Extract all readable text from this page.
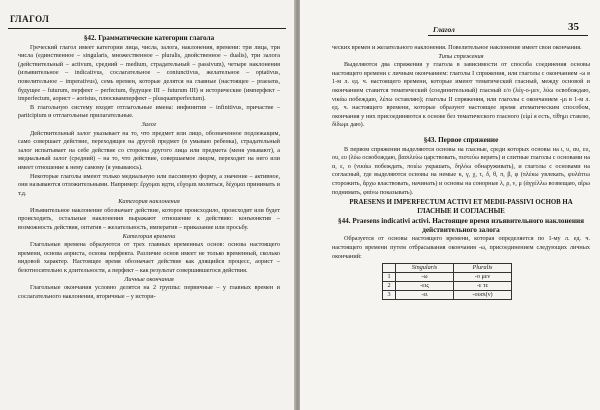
ГЛАГОЛ
§42. Грамматические категории глагола

Греческий глагол имеет категории лица, числа, залога, наклонения, времени: три лица, три числа (единственное – singularis, множественное – pluralis, двойственное – dualis), три залога (действительный – activum, средний – medium, страдательный – passivum), четыре наклонения (изъявительное – indicativus, сослагательное – coniunctivus, желательное – optativus, повелительное – imperativus), семь времен, которые делятся на главные (настоящее – praesens, будущее – futurum, перфект – perfectum, будущее III – futurum III) и исторические (имперфект – imperfectum, аорист – aoristus, плюсквамперфект – plusquamperfectum).

В глагольную систему входят отглагольные имена: инфинитив – infinitivus, причастие – participium и отглагольные прилагательные.

Залог

Действительный залог указывает на то, что предмет или лицо, обозначенное подлежащим, само совершает действие, переходящее на другой предмет (в умываю ребенка), страдательный залог испытывает на себе действие со стороны другого лица или предмета (меня умывают), а медиальный залог (средний) – на то, что действие, совершаемое лицом, переходит на него или имеет отношение к нему самому (я умываюсь).

Некоторые глаголы имеют только медиальную или пассивную форму, а значение – активное, они называются отложительными. Например: ἔρχομαι идти, εὔχομαι молиться, δέχομαι принимать и т.д.

Категория наклонения

Изъявительное наклонение обозначает действие, которое происходило, происходит или будет происходить, остальные наклонения выражают отношение к действию: конъюнктив – возможность действия, оптатив – желательность, императив – приказание или просьбу.

Категория времени

Глагольные времена образуются от трех главных временных основ: основа настоящего времени, основа аориста, основа перфекта. Различие основ имеет не только временный, сколько видовой характер. Настоящее время обозначает действие как длящийся процесс, аорист – безотносительно к длительности, а перфект – как результат совершившегося действия.

Личные окончания

Глагольные окончания условно делятся на 2 группы: первичные – у главных времен и сослагательного наклонения, вторичные – у истори-

Глагол	35

ческих времен и желательного наклонения. Повелительное наклонение имеет свои окончания.

Типы спряжения

Выделяются два спряжения у глагола в зависимости от способа соединения основы настоящего времени с личным окончанием: глаголы I спряжения, или глаголы с окончанием -ω в 1-м л. ед. ч. настоящего времени, которые имеют тематический гласный, между основой и окончанием ставится тематический (соединительный) гласный ε/ο (λέγ-ο-μεν, λύω освобождаю, νικάω побеждаю, λέπω оставляю); глаголы II спряжения, или глаголы с окончанием -μι в 1-м л. ед. ч. настоящего времени, которые образуют настоящее время атематическим способом, окончания у них присоединяются к основе без тематического гласного (εἰμί я есть, τίθημι ставлю, δίδωμι даю).

§43. Первое спряжение

В первом спряжении выделяются основы на гласные, среди которых основы на ι, υ, αυ, ευ, ου, ευ (λύω освобождаю, βασιλεύω царствовать, πιστεύω верить) и слитные глаголы с основами на α, ε, ο (νικάω побеждать, ποιέω украшать, δηλόω обнаруживать), и глаголы с основами на согласный, где выделяются основы на немые κ, γ, χ, τ, δ, θ, π, β, φ (πλέκω увлекать, φυλάττω сторожить, ἄρχω властвовать, начинать) и основы на сонорные λ, ρ, ν, μ (ἀγγέλλω возвещаю, αἴρω поднимать, φαίνω показывать).

PRAESENS И IMPERFECTUM ACTIVI ET MEDII-PASSIVI ОСНОВ НА ГЛАСНЫЕ И СОГЛАСНЫЕ
§44. Praesens indicativi activi. Настоящее время изъявительного наклонения действительного залога

Образуется от основы настоящего времени, которая определяется по 1-му л. ед. ч. настоящего времени путем отбрасывания окончания -ω, присоединением следующих личных окончаний:

	Singularis	Pluralis
1	-ω	-ο μεν
2	-εις	-ε τε
3	-ει	-ουσι(ν)
